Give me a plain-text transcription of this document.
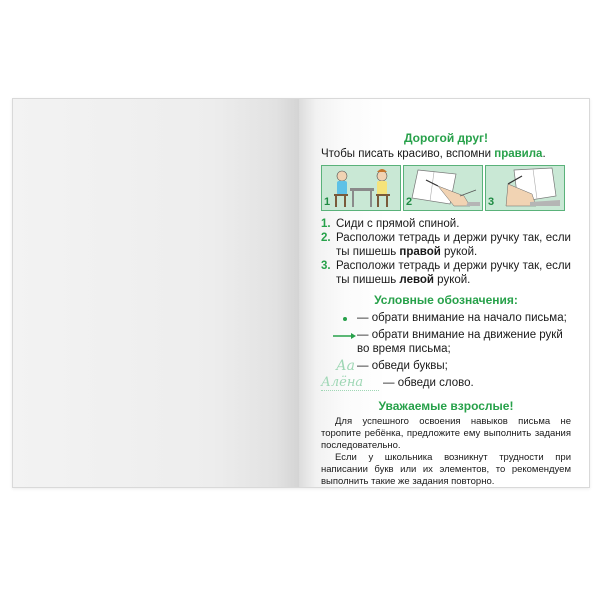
Дорогой друг!
Чтобы писать красиво, вспомни правила.
1	2	3
1. Сиди с прямой спиной.
2. Расположи тетрадь и держи ручку так, если ты пишешь правой рукой.
3. Расположи тетрадь и держи ручку так, если ты пишешь левой рукой.
Условные обозначения:
— обрати внимание на начало письма;
— обрати внимание на движение рукй во время письма;
Аа — обведи буквы;
Алёна	— обведи слово.
Уважаемые взрослые!

Для успешного освоения навыков письма не торопите ребёнка, предложите ему выполнить задания последовательно.

Если у школьника возникнут трудности при написании букв или их элементов, то рекомендуем выполнить такие же задания повторно.
